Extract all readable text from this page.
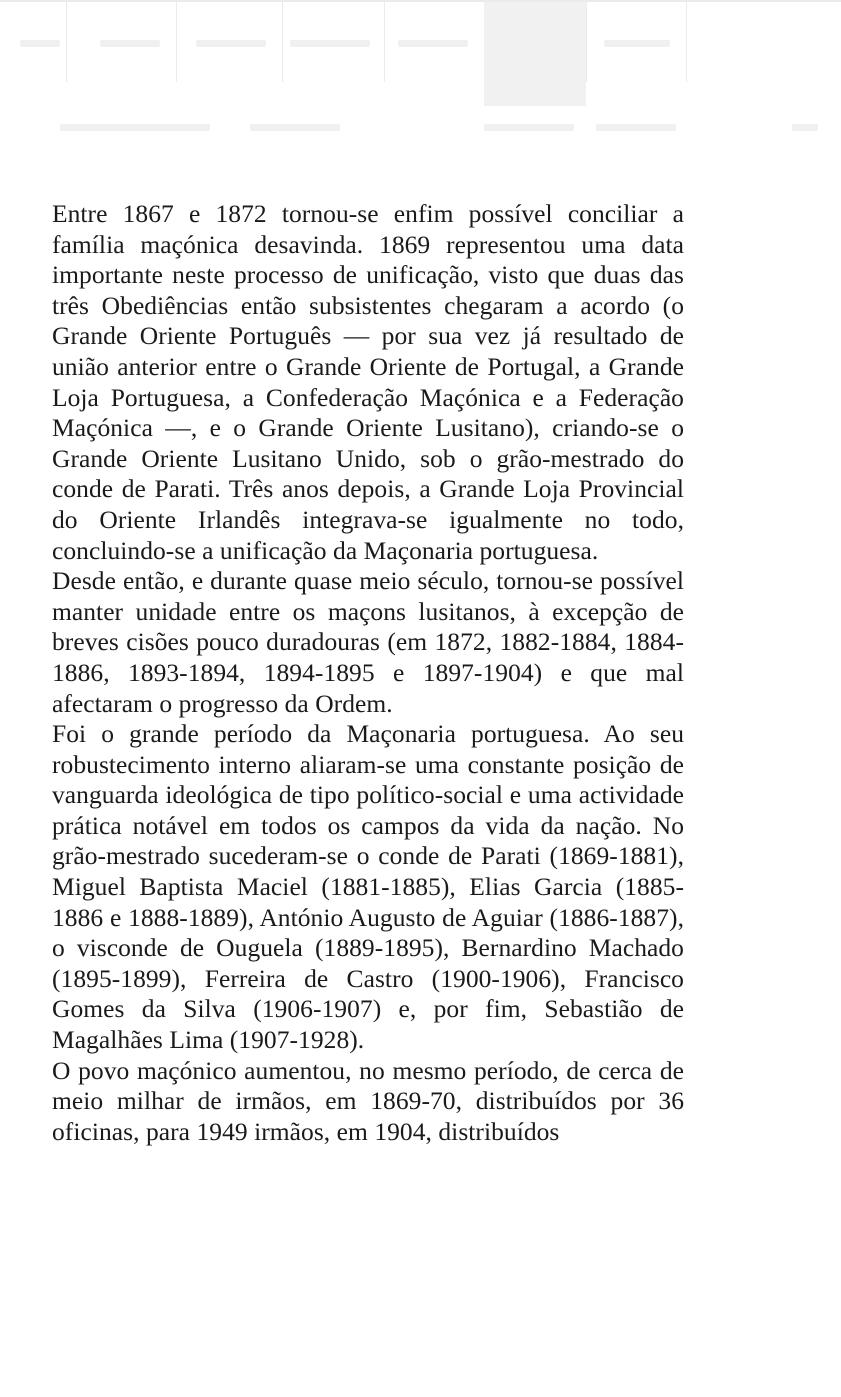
Entre 1867 e 1872 tornou-se enfim possível conciliar a família maçónica desavinda. 1869 representou uma data importante neste processo de unificação, visto que duas das três Obediências então subsistentes chegaram a acordo (o Grande Oriente Português — por sua vez já resultado de união anterior entre o Grande Oriente de Portugal, a Grande Loja Portuguesa, a Confederação Maçónica e a Federação Maçónica —, e o Grande Oriente Lusitano), criando-se o Grande Oriente Lusitano Unido, sob o grão-mestrado do conde de Parati. Três anos depois, a Grande Loja Provincial do Oriente Irlandês integrava-se igualmente no todo, concluindo-se a unificação da Maçonaria portuguesa.

Desde então, e durante quase meio século, tornou-se possível manter unidade entre os maçons lusitanos, à excepção de breves cisões pouco duradouras (em 1872, 1882-1884, 1884-1886, 1893-1894, 1894-1895 e 1897-1904) e que mal afectaram o progresso da Ordem.

Foi o grande período da Maçonaria portuguesa. Ao seu robustecimento interno aliaram-se uma constante posição de vanguarda ideológica de tipo político-social e uma actividade prática notável em todos os campos da vida da nação. No grão-mestrado sucederam-se o conde de Parati (1869-1881), Miguel Baptista Maciel (1881-1885), Elias Garcia (1885-1886 e 1888-1889), António Augusto de Aguiar (1886-1887), o visconde de Ouguela (1889-1895), Bernardino Machado (1895-1899), Ferreira de Castro (1900-1906), Francisco Gomes da Silva (1906-1907) e, por fim, Sebastião de Magalhães Lima (1907-1928).

O povo maçónico aumentou, no mesmo período, de cerca de meio milhar de irmãos, em 1869-70, distribuídos por 36 oficinas, para 1949 irmãos, em 1904, distribuídos
